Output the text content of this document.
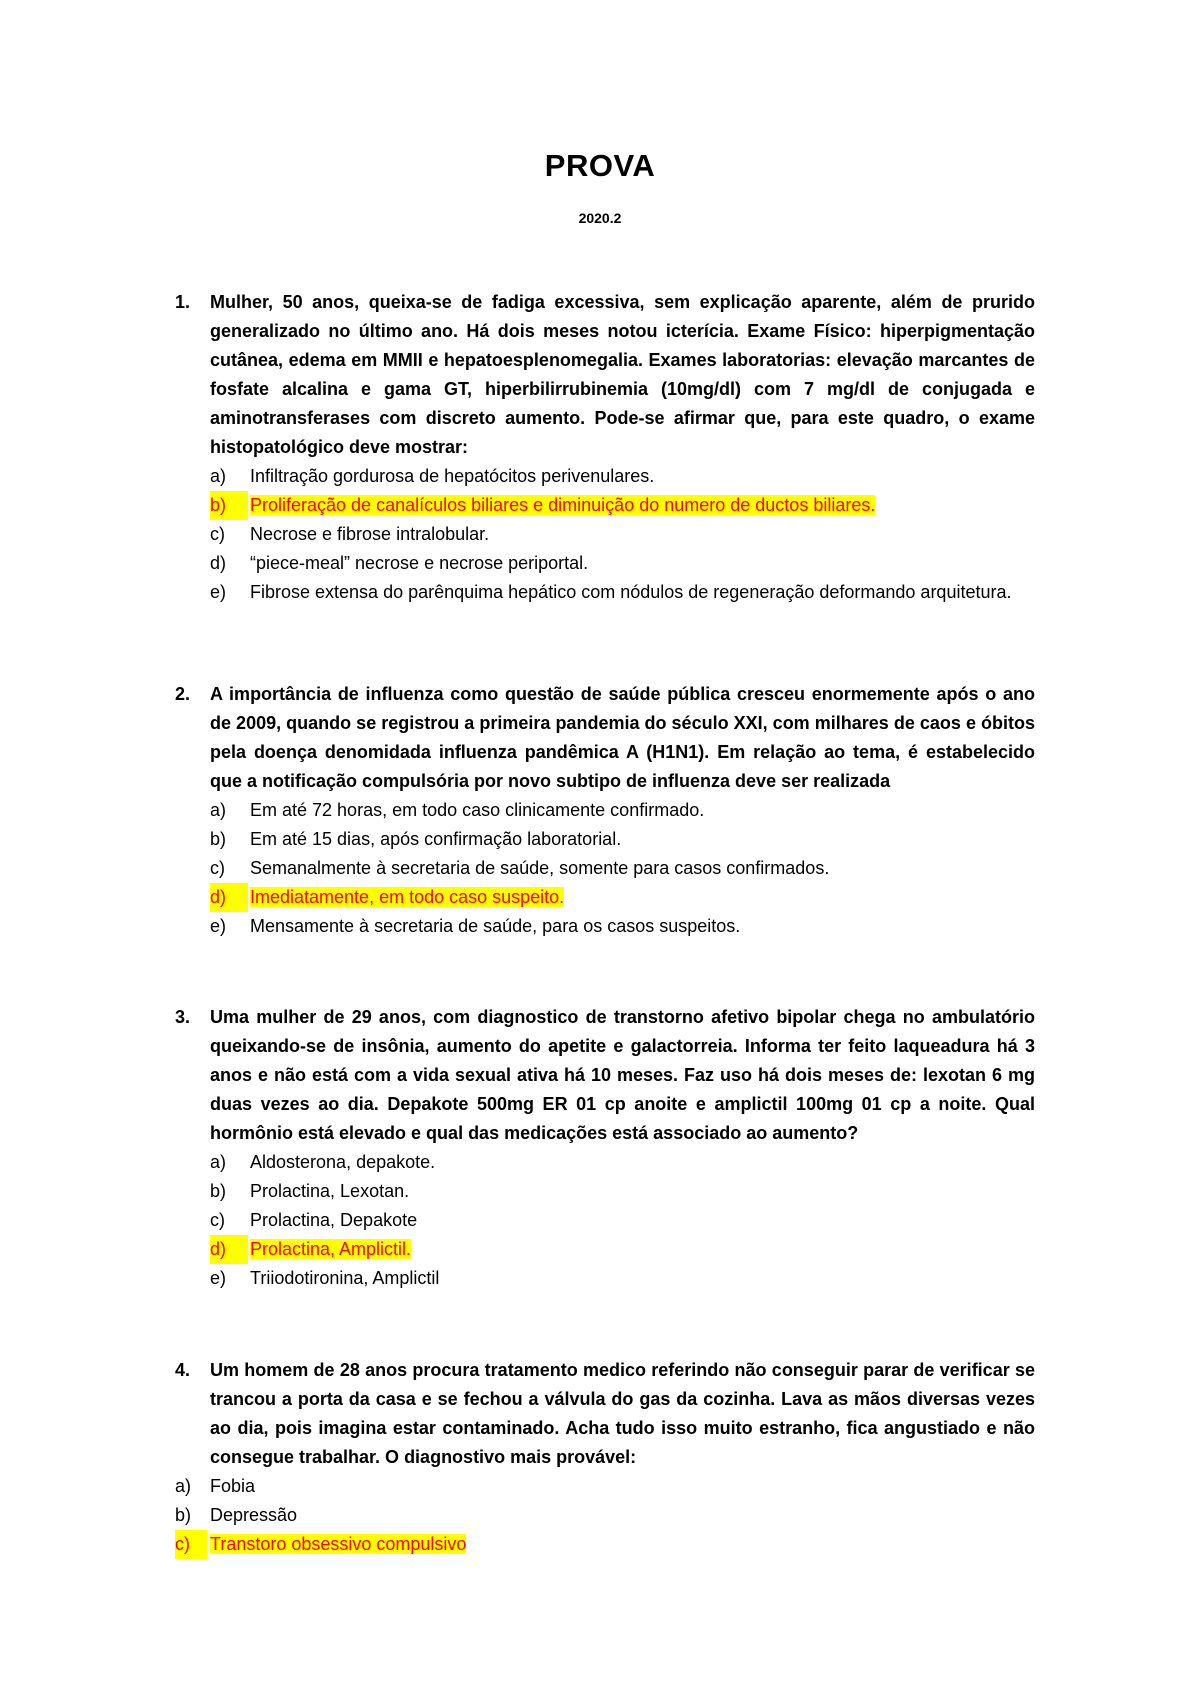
PROVA
2020.2
1. Mulher, 50 anos, queixa-se de fadiga excessiva, sem explicação aparente, além de prurido generalizado no último ano. Há dois meses notou icterícia. Exame Físico: hiperpigmentação cutânea, edema em MMII e hepatoesplenomegalia. Exames laboratorias: elevação marcantes de fosfate alcalina e gama GT, hiperbilirrubinemia (10mg/dl) com 7 mg/dl de conjugada e aminotransferases com discreto aumento. Pode-se afirmar que, para este quadro, o exame histopatológico deve mostrar:

a) Infiltração gordurosa de hepatócitos perivenulares.
b)	Proliferação de canalículos biliares e diminuição do numero de ductos biliares.
c) Necrose e fibrose intralobular.
d) “piece-meal” necrose e necrose periportal.
e) Fibrose extensa do parênquima hepático com nódulos de regeneração deformando arquitetura.
2. A importância de influenza como questão de saúde pública cresceu enormemente após o ano de 2009, quando se registrou a primeira pandemia do século XXI, com milhares de caos e óbitos pela doença denomidada influenza pandêmica A (H1N1). Em relação ao tema, é estabelecido que a notificação compulsória por novo subtipo de influenza deve ser realizada

a) Em até 72 horas, em todo caso clinicamente confirmado.
b) Em até 15 dias, após confirmação laboratorial.
c) Semanalmente à secretaria de saúde, somente para casos confirmados.
d)	Imediatamente, em todo caso suspeito.
e) Mensamente à secretaria de saúde, para os casos suspeitos.
3. Uma mulher de 29 anos, com diagnostico de transtorno afetivo bipolar chega no ambulatório queixando-se de insônia, aumento do apetite e galactorreia. Informa ter feito laqueadura há 3 anos e não está com a vida sexual ativa há 10 meses. Faz uso há dois meses de: lexotan 6 mg duas vezes ao dia. Depakote 500mg ER 01 cp anoite e amplictil 100mg 01 cp a noite. Qual hormônio está elevado e qual das medicações está associado ao aumento?

a) Aldosterona, depakote.
b) Prolactina, Lexotan.
c) Prolactina, Depakote
d)	Prolactina, Amplictil.
e) Triiodotironina, Amplictil
4. Um homem de 28 anos procura tratamento medico referindo não conseguir parar de verificar se trancou a porta da casa e se fechou a válvula do gas da cozinha. Lava as mãos diversas vezes ao dia, pois imagina estar contaminado. Acha tudo isso muito estranho, fica angustiado e não consegue trabalhar. O diagnostivo mais provável:

a) Fobia
b) Depressão
c)	Transtoro obsessivo compulsivo
